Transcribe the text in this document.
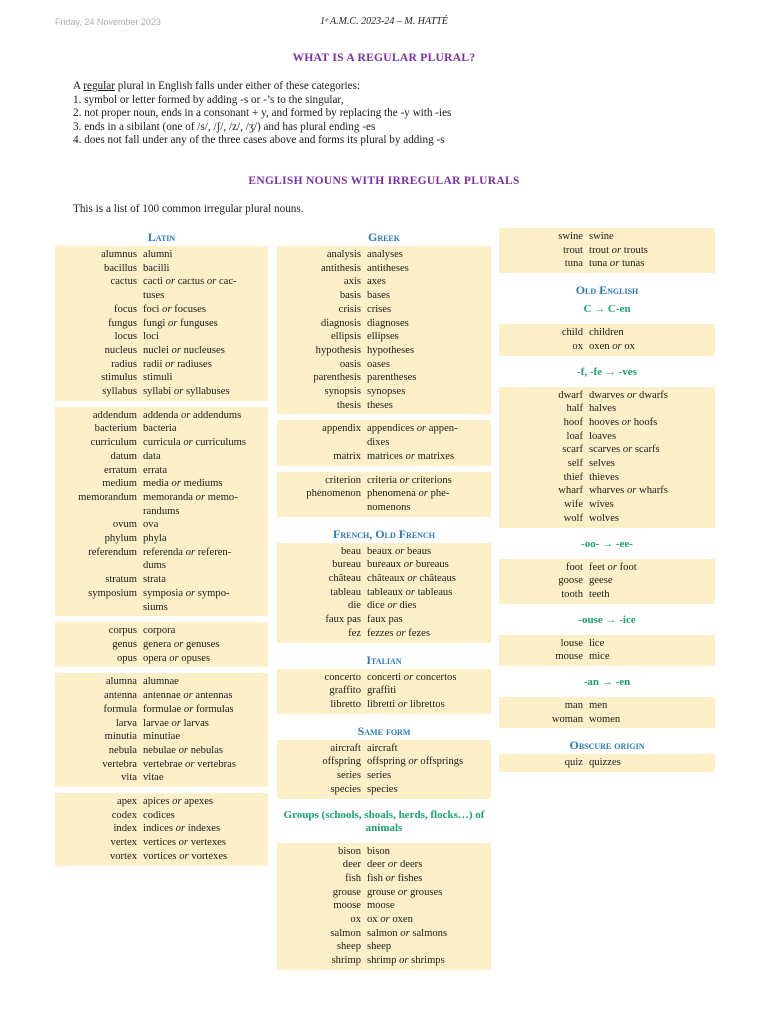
Friday, 24 November 2023	1ᵉ A.M.C. 2023-24 – M. HATTÉ
WHAT IS A REGULAR PLURAL?
A regular plural in English falls under either of these categories:
1. symbol or letter formed by adding -s or -’s to the singular,
2. not proper noun, ends in a consonant + y, and formed by replacing the -y with -ies
3. ends in a sibilant (one of /s/, /ʃ/, /z/, /ʒ/) and has plural ending -es
4. does not fall under any of the three cases above and forms its plural by adding -s
ENGLISH NOUNS WITH IRREGULAR PLURALS
This is a list of 100 common irregular plural nouns.
Latin
alumnus alumni
bacillus bacilli
cactus cacti or cactus or cac-
tuses
focus foci or focuses
fungus fungi or funguses
locus loci
nucleus nuclei or nucleuses
radius radii or radiuses
stimulus stimuli
syllabus syllabi or syllabuses
addendum addenda or addendums
bacterium bacteria
curriculum curricula or curriculums
datum data
erratum errata
medium media or mediums
memorandum memoranda or memo-
randums
ovum ova
phylum phyla
referendum referenda or referen-
dums
stratum strata
symposium symposia or sympo-
siums
corpus corpora
genus genera or genuses
opus opera or opuses
alumna alumnae
antenna antennae or antennas
formula formulae or formulas
larva larvae or larvas
minutia minutiae
nebula nebulae or nebulas
vertebra vertebrae or vertebras
vita vitae
apex apices or apexes
codex codices
index indices or indexes
vertex vertices or vertexes
vortex vortices or vortexes
Greek
analysis analyses
antithesis antitheses
axis axes
basis bases
crisis crises
diagnosis diagnoses
ellipsis ellipses
hypothesis hypotheses
oasis oases
parenthesis parentheses
synopsis synopses
thesis theses
appendix appendices or appen-
dixes
matrix matrices or matrixes
criterion criteria or criterions
phenomenon phenomena or phe-
nomenons
French, Old French
beau beaux or beaus
bureau bureaux or bureaus
château châteaux or châteaus
tableau tableaux or tableaus
die dice or dies
faux pas faux pas
fez fezzes or fezes
Italian
concerto concerti or concertos
graffito graffiti
libretto libretti or librettos
Same form
aircraft aircraft
offspring offspring or offsprings
series series
species species
Groups (schools, shoals, herds, flocks…) of animals
bison bison
deer deer or deers
fish fish or fishes
grouse grouse or grouses
moose moose
ox ox or oxen
salmon salmon or salmons
sheep sheep
shrimp shrimp or shrimps
swine swine
trout trout or trouts
tuna tuna or tunas
Old English
C → C-en
child children
ox oxen or ox
-f, -fe → -ves
dwarf dwarves or dwarfs
half halves
hoof hooves or hoofs
loaf loaves
scarf scarves or scarfs
self selves
thief thieves
wharf wharves or wharfs
wife wives
wolf wolves
-oo- → -ee-
foot feet or foot
goose geese
tooth teeth
-ouse → -ice
louse lice
mouse mice
-an → -en
man men
woman women
Obscure origin
quiz quizzes
